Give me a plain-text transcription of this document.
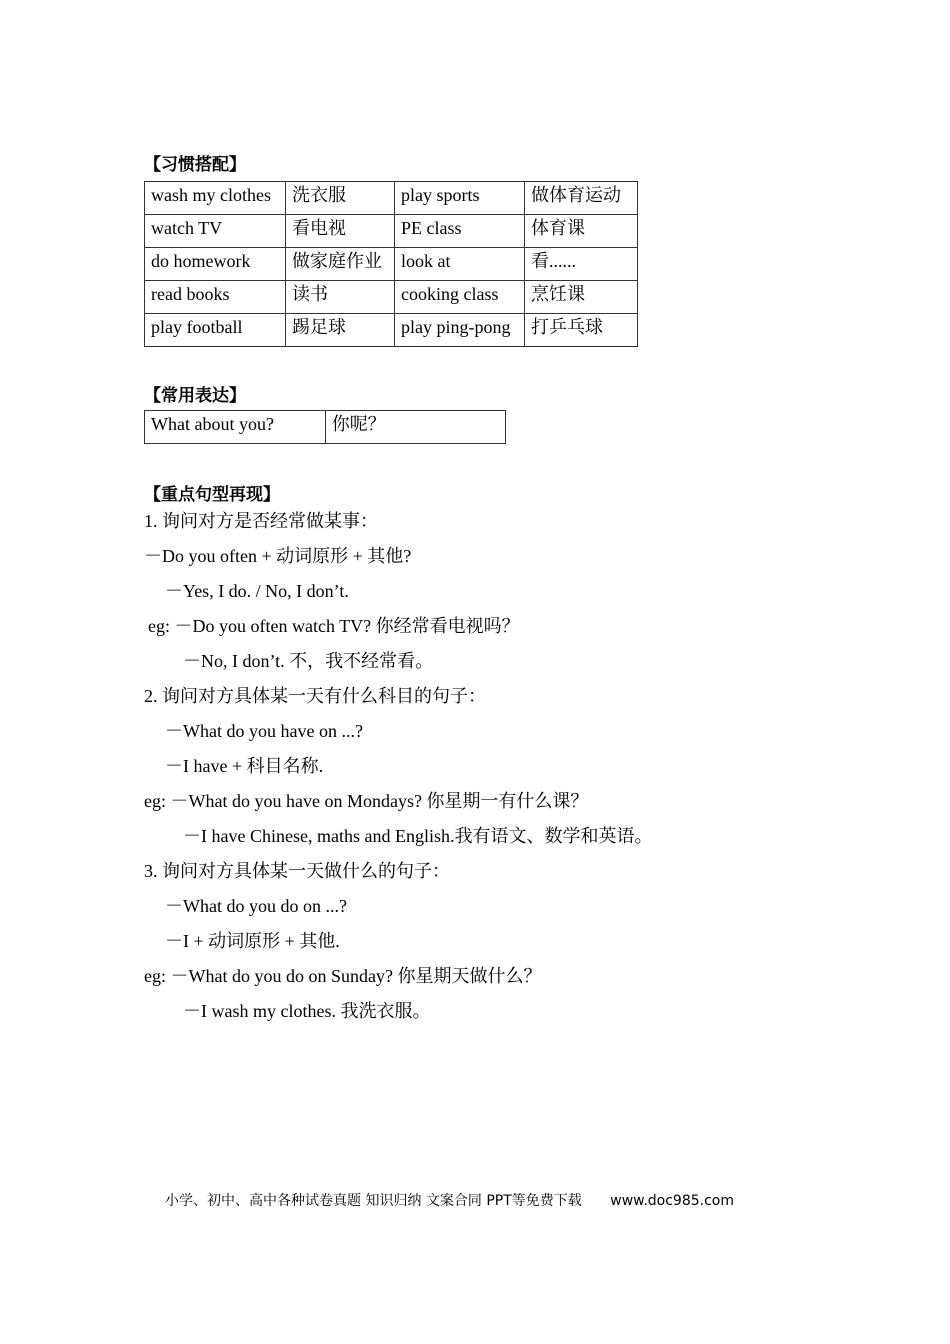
【习惯搭配】
wash my clothes	洗衣服	play sports	做体育运动
watch TV	看电视	PE class	体育课
do homework	做家庭作业	look at	看......
read books	读书	cooking class	烹饪课
play football	踢足球	play ping-pong	打乒乓球
【常用表达】
What about you?	你呢？
【重点句型再现】
1. 询问对方是否经常做某事：
－Do you often + 动词原形 + 其他?
－Yes, I do. / No, I don’t.
eg: －Do you often watch TV? 你经常看电视吗？
－No, I don’t. 不，我不经常看。
2. 询问对方具体某一天有什么科目的句子：
－What do you have on ...?
－I have + 科目名称.
eg: －What do you have on Mondays? 你星期一有什么课？
－I have Chinese, maths and English.我有语文、数学和英语。
3. 询问对方具体某一天做什么的句子：
－What do you do on ...?
－I + 动词原形 + 其他.
eg: －What do you do on Sunday? 你星期天做什么？
－I wash my clothes. 我洗衣服。
小学、初中、高中各种试卷真题 知识归纳 文案合同 PPT等免费下载 www.doc985.com
